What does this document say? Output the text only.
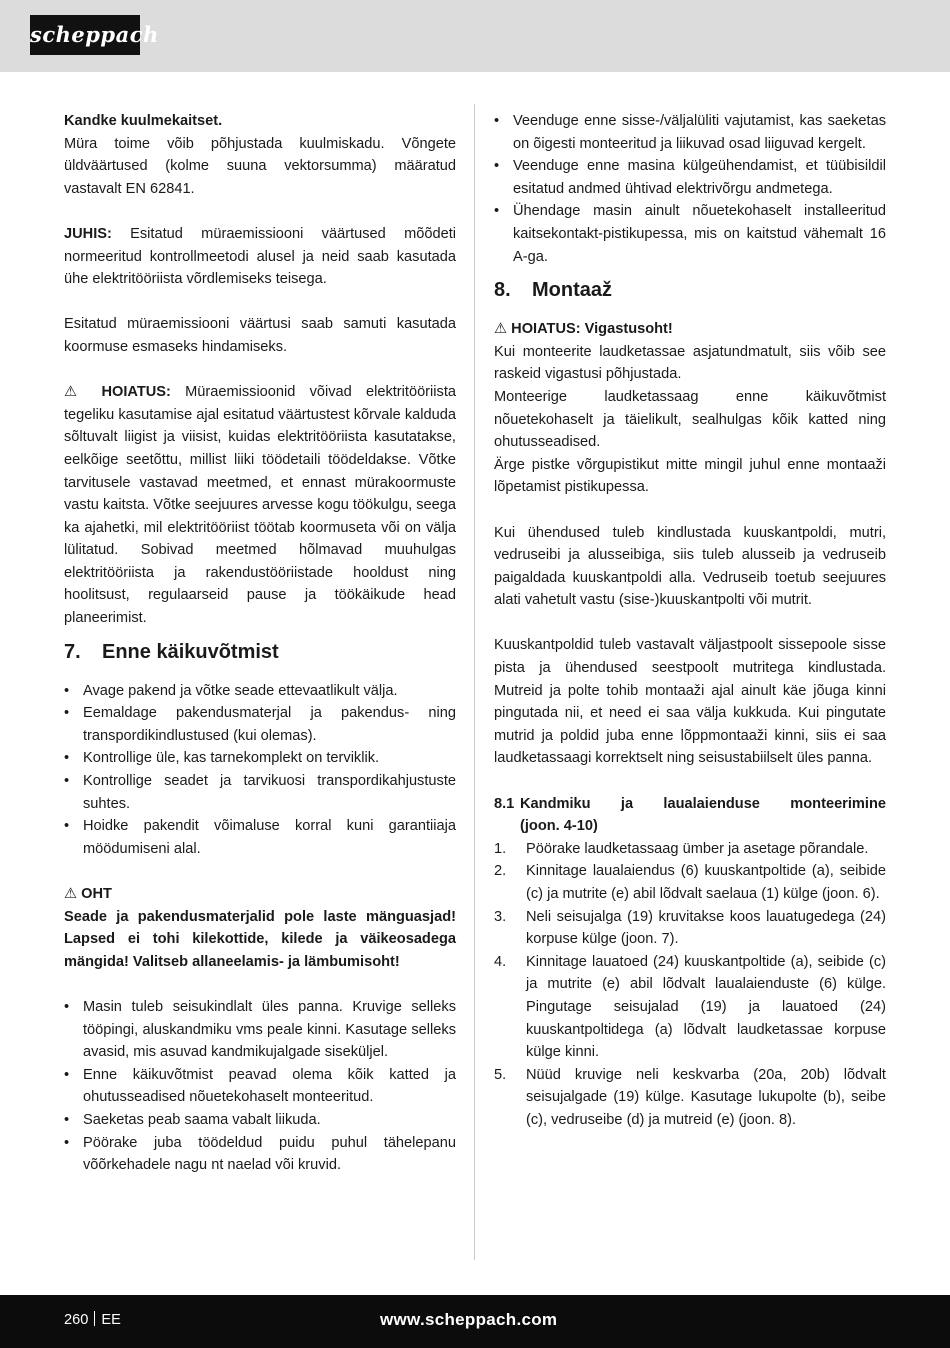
scheppach

Kandke kuulmekaitset.

Müra toime võib põhjustada kuulmiskadu. Võngete üldväärtused (kolme suuna vektorsumma) määratud vastavalt EN 62841.

JUHIS: Esitatud müraemissiooni väärtused mõõdeti normeeritud kontrollmeetodi alusel ja neid saab kasutada ühe elektritööriista võrdlemiseks teisega.

Esitatud müraemissiooni väärtusi saab samuti kasutada koormuse esmaseks hindamiseks.

⚠ HOIATUS: Müraemissioonid võivad elektritööriista tegeliku kasutamise ajal esitatud väärtustest kõrvale kalduda sõltuvalt liigist ja viisist, kuidas elektritööriista kasutatakse, eelkõige seetõttu, millist liiki töödetaili töödeldakse. Võtke tarvitusele vastavad meetmed, et ennast mürakoormuste vastu kaitsta. Võtke seejuures arvesse kogu töökulgu, seega ka ajahetki, mil elektritööriist töötab koormuseta või on välja lülitatud. Sobivad meetmed hõlmavad muuhulgas elektritööriista ja rakendustööriistade hooldust ning hoolitsust, regulaarseid pause ja töökäikude head planeerimist.

7. Enne käikuvõtmist
• Avage pakend ja võtke seade ettevaatlikult välja.
• Eemaldage pakendusmaterjal ja pakendus- ning transpordikindlustused (kui olemas).
• Kontrollige üle, kas tarnekomplekt on terviklik.
• Kontrollige seadet ja tarvikuosi transpordikahjustuste suhtes.
• Hoidke pakendit võimaluse korral kuni garantiiaja möödumiseni alal.

⚠ OHT

Seade ja pakendusmaterjalid pole laste mänguasjad! Lapsed ei tohi kilekottide, kilede ja väikeosadega mängida! Valitseb allaneelamis- ja lämbumisoht!

• Masin tuleb seisukindlalt üles panna. Kruvige selleks tööpingi, aluskandmiku vms peale kinni. Kasutage selleks avasid, mis asuvad kandmikujalgade siseküljel.
• Enne käikuvõtmist peavad olema kõik katted ja ohutusseadised nõuetekohaselt monteeritud.
• Saeketas peab saama vabalt liikuda.
• Pöörake juba töödeldud puidu puhul tähelepanu võõrkehadele nagu nt naelad või kruvid.
• Veenduge enne sisse-/väljalüliti vajutamist, kas saeketas on õigesti monteeritud ja liikuvad osad liiguvad kergelt.
• Veenduge enne masina külgeühendamist, et tüübisildil esitatud andmed ühtivad elektrivõrgu andmetega.
• Ühendage masin ainult nõuetekohaselt installeeritud kaitsekontakt-pistikupessa, mis on kaitstud vähemalt 16 A-ga.
8. Montaaž

⚠ HOIATUS: Vigastusoht!

Kui monteerite laudketassae asjatundmatult, siis võib see raskeid vigastusi põhjustada.

Monteerige laudketassaag enne käikuvõtmist nõuetekohaselt ja täielikult, sealhulgas kõik katted ning ohutusseadised.

Ärge pistke võrgupistikut mitte mingil juhul enne montaaži lõpetamist pistikupessa.

Kui ühendused tuleb kindlustada kuuskantpoldi, mutri, vedruseibi ja alusseibiga, siis tuleb alusseib ja vedruseib paigaldada kuuskantpoldi alla. Vedruseib toetub seejuures alati vahetult vastu (sise-)kuuskantpolti või mutrit.

Kuuskantpoldid tuleb vastavalt väljastpoolt sissepoole sisse pista ja ühendused seestpoolt mutritega kindlustada. Mutreid ja polte tohib montaaži ajal ainult käe jõuga kinni pingutada nii, et need ei saa välja kukkuda. Kui pingutate mutrid ja poldid juba enne lõppmontaaži kinni, siis ei saa laudketassaagi korrektselt ning seisustabiilselt üles panna.

8.1 Kandmiku ja laualaienduse monteerimine
(joon. 4-10)
1. Pöörake laudketassaag ümber ja asetage põrandale.
2. Kinnitage laualaiendus (6) kuuskantpoltide (a), seibide (c) ja mutrite (e) abil lõdvalt saelaua (1) külge (joon. 6).
3. Neli seisujalga (19) kruvitakse koos lauatugedega (24) korpuse külge (joon. 7).
4. Kinnitage lauatoed (24) kuuskantpoltide (a), seibide (c) ja mutrite (e) abil lõdvalt laualaienduste (6) külge. Pingutage seisujalad (19) ja lauatoed (24) kuuskantpoltidega (a) lõdvalt laudketassae korpuse külge kinni.
5. Nüüd kruvige neli keskvarba (20a, 20b) lõdvalt seisujalgade (19) külge. Kasutage lukupolte (b), seibe (c), vedruseibe (d) ja mutreid (e) (joon. 8).
260 EE	www.scheppach.com
